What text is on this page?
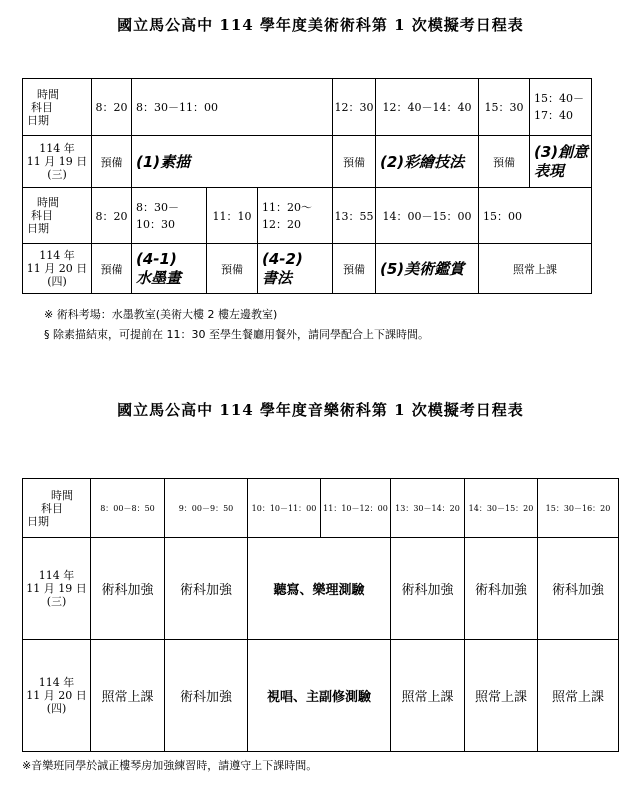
國立馬公高中 114 學年度美術術科第 1 次模擬考日程表
時間
科目
日期	8：20	8：30－11：00			12：30	12：40－14：40	15：30	15：40－
17：40

114 年
11 月 19 日
(三)	預備	(1)素描			預備	(2)彩繪技法	預備	(3)創意
表現

時間
科目
日期	8：20	8：30－
10：30	11：10	11：20～
12：20	13：55	14：00－15：00	15：00	

114 年
11 月 20 日
(四)	預備	(4-1)
水墨畫	預備	(4-2)
書法	預備	(5)美術鑑賞	照常上課	
※ 術科考場：水墨教室(美術大樓 2 樓左邊教室)
§ 除素描結束，可提前在 11：30 至學生餐廳用餐外，請同學配合上下課時間。
國立馬公高中 114 學年度音樂術科第 1 次模擬考日程表
時間
科目
日期	8：00－8：50	9：00－9：50	10：10－11：00	11：10－12：00	13：30－14：20	14：30－15：20	15：30－16：20

114 年
11 月 19 日
(三)	術科加強	術科加強	聽寫、樂理測驗		術科加強	術科加強	術科加強

114 年
11 月 20 日
(四)	照常上課	術科加強	視唱、主副修測驗		照常上課	照常上課	照常上課
※音樂班同學於誠正樓琴房加強練習時，請遵守上下課時間。
